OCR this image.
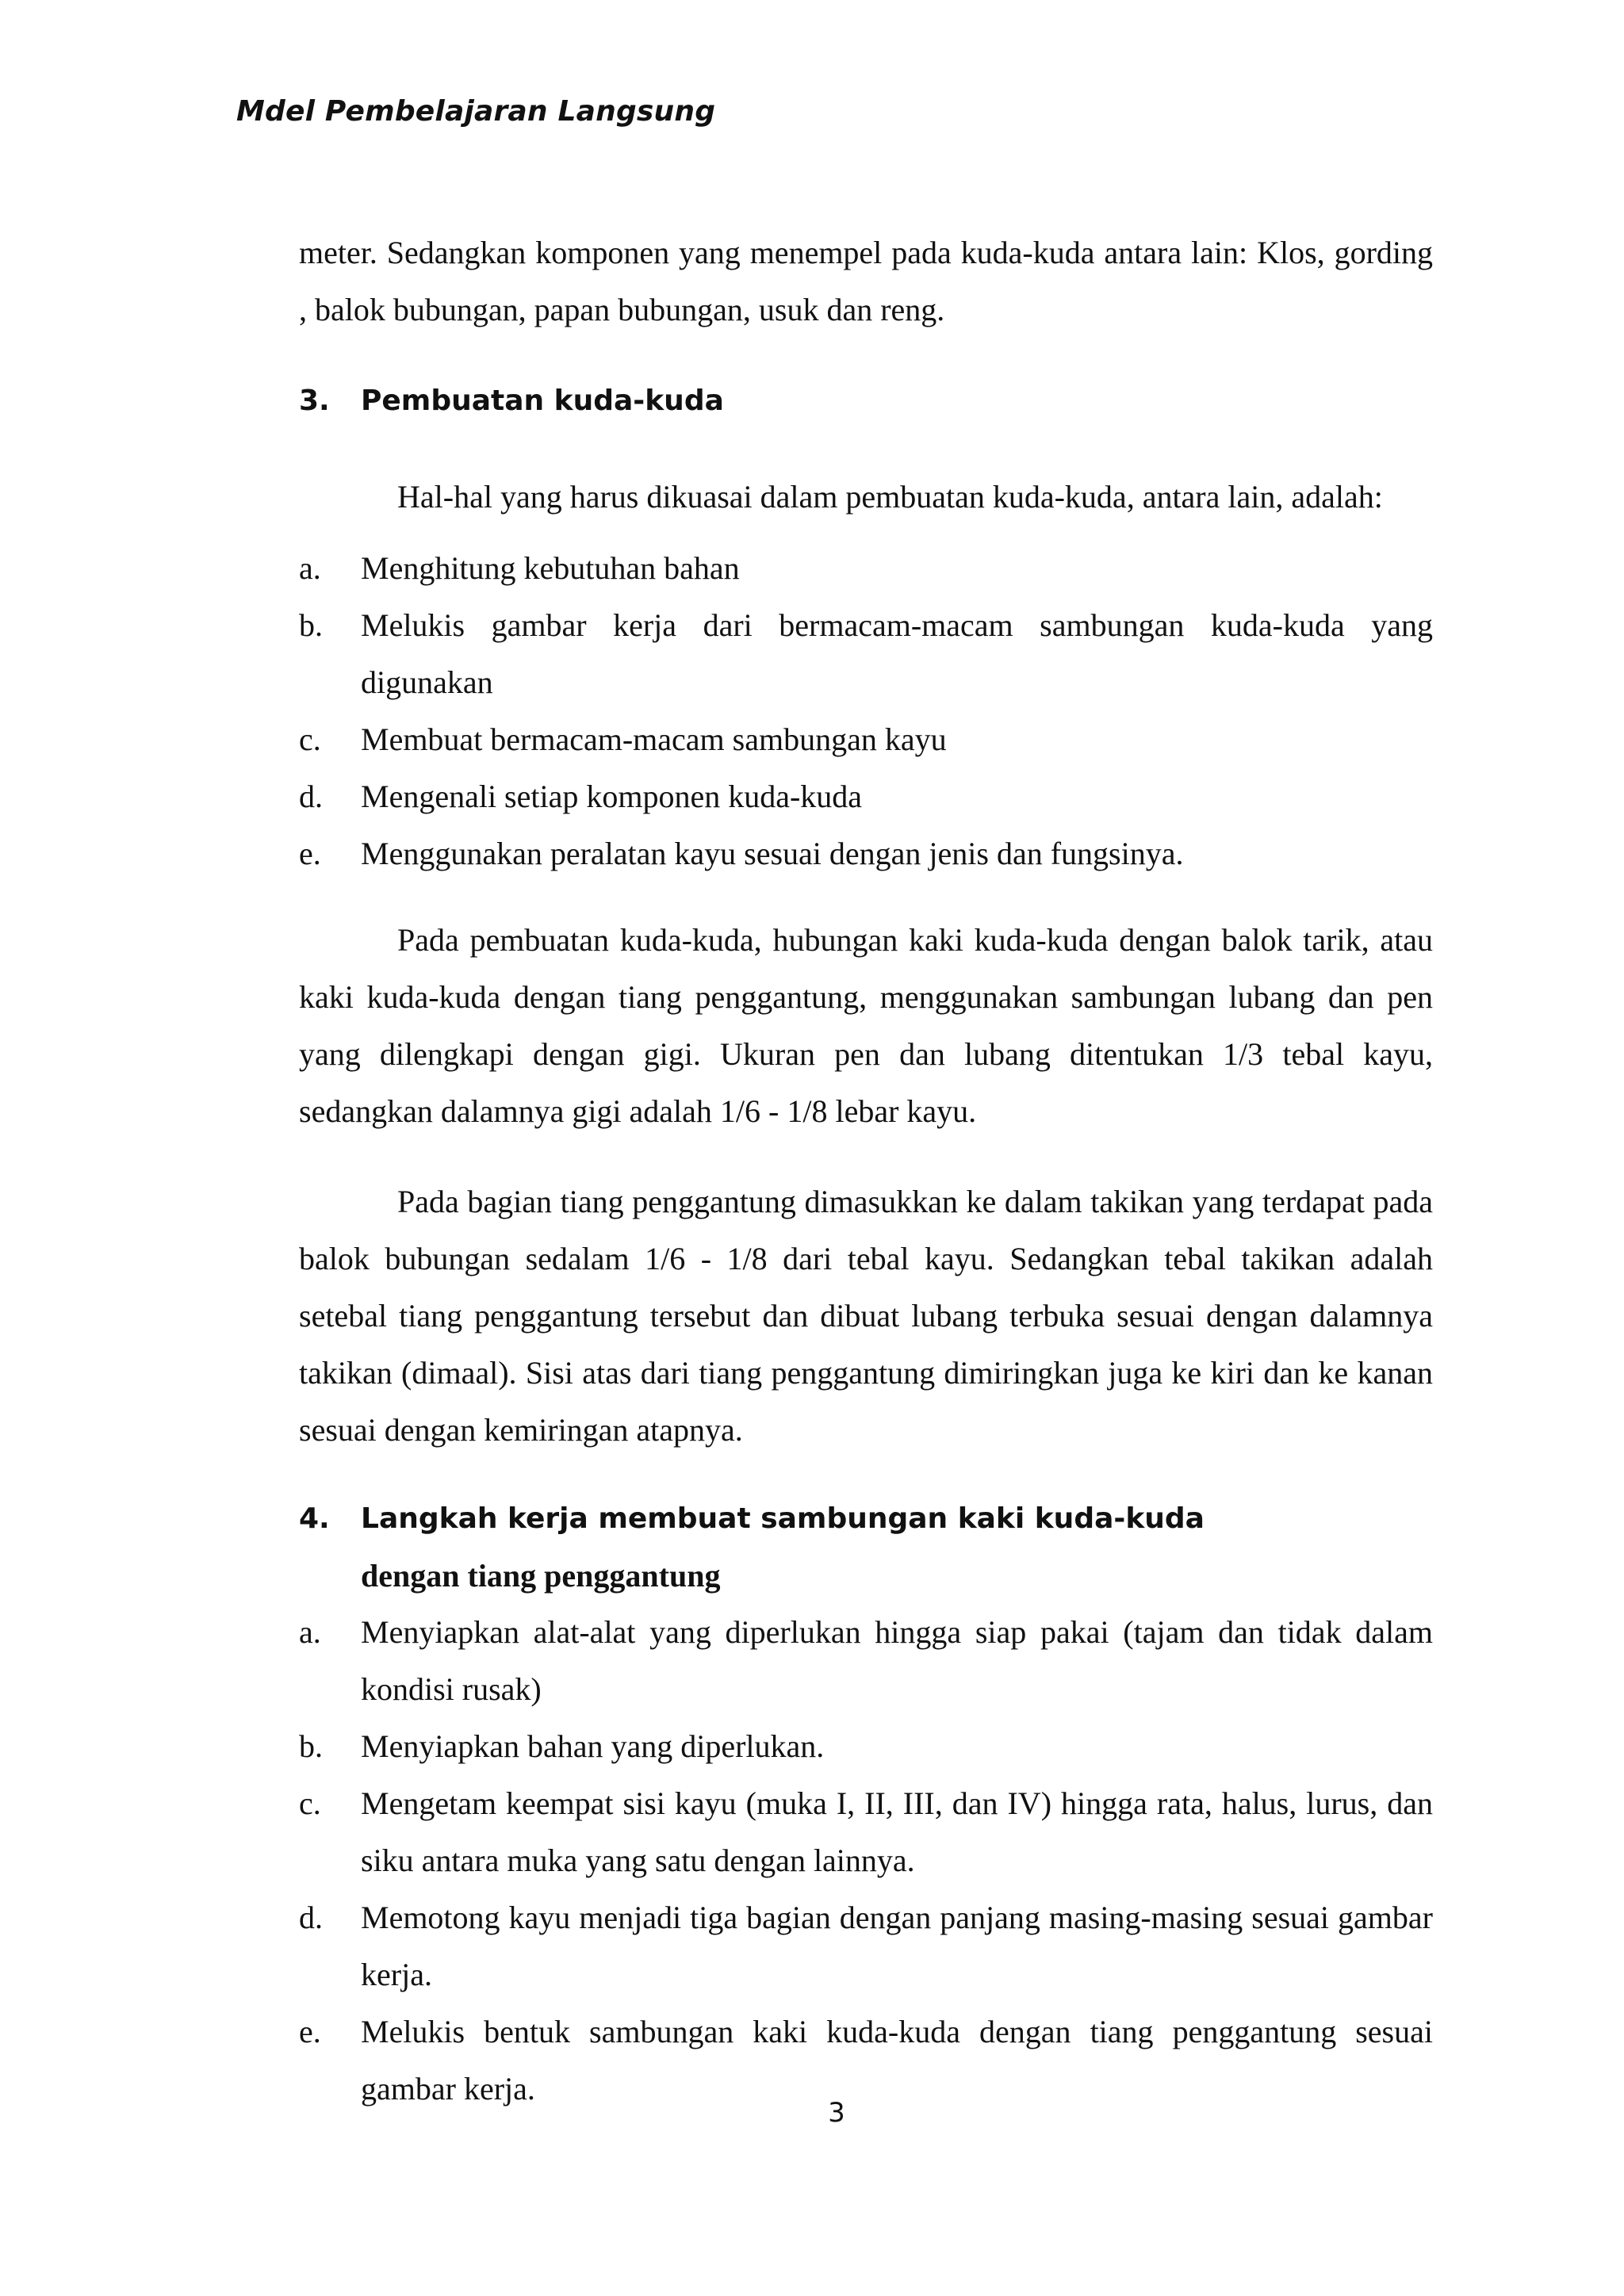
Mdel Pembelajaran Langsung
meter. Sedangkan komponen yang menempel pada kuda-kuda antara lain: Klos, gording , balok bubungan, papan bubungan, usuk dan reng.
3. Pembuatan kuda-kuda
Hal-hal yang harus dikuasai dalam pembuatan kuda-kuda, antara lain, adalah:
a.	Menghitung kebutuhan bahan
b.	Melukis gambar kerja dari bermacam-macam sambungan kuda-kuda yang digunakan
c.	Membuat bermacam-macam sambungan kayu
d.	Mengenali setiap komponen kuda-kuda
e.	Menggunakan peralatan kayu sesuai dengan jenis dan fungsinya.
Pada pembuatan kuda-kuda, hubungan kaki kuda-kuda dengan balok tarik, atau kaki kuda-kuda dengan tiang penggantung, menggunakan sambungan lubang dan pen yang dilengkapi dengan gigi. Ukuran pen dan lubang ditentukan 1/3 tebal kayu, sedangkan dalamnya gigi adalah 1/6 - 1/8 lebar kayu.
Pada bagian tiang penggantung dimasukkan ke dalam takikan yang terdapat pada balok bubungan sedalam 1/6 - 1/8 dari tebal kayu. Sedangkan tebal takikan adalah setebal tiang penggantung tersebut dan dibuat lubang terbuka sesuai dengan dalamnya takikan (dimaal). Sisi atas dari tiang penggantung dimiringkan juga ke kiri dan ke kanan sesuai dengan kemiringan atapnya.
4. Langkah kerja membuat sambungan kaki kuda-kuda
dengan tiang penggantung
a.	Menyiapkan alat-alat yang diperlukan hingga siap pakai (tajam dan tidak dalam kondisi rusak)
b.	Menyiapkan bahan yang diperlukan.
c.	Mengetam keempat sisi kayu (muka I, II, III, dan IV) hingga rata, halus, lurus, dan siku antara muka yang satu dengan lainnya.
d.	Memotong kayu menjadi tiga bagian dengan panjang masing-masing sesuai gambar kerja.
e.	Melukis bentuk sambungan kaki kuda-kuda dengan tiang penggantung sesuai gambar kerja.
3
